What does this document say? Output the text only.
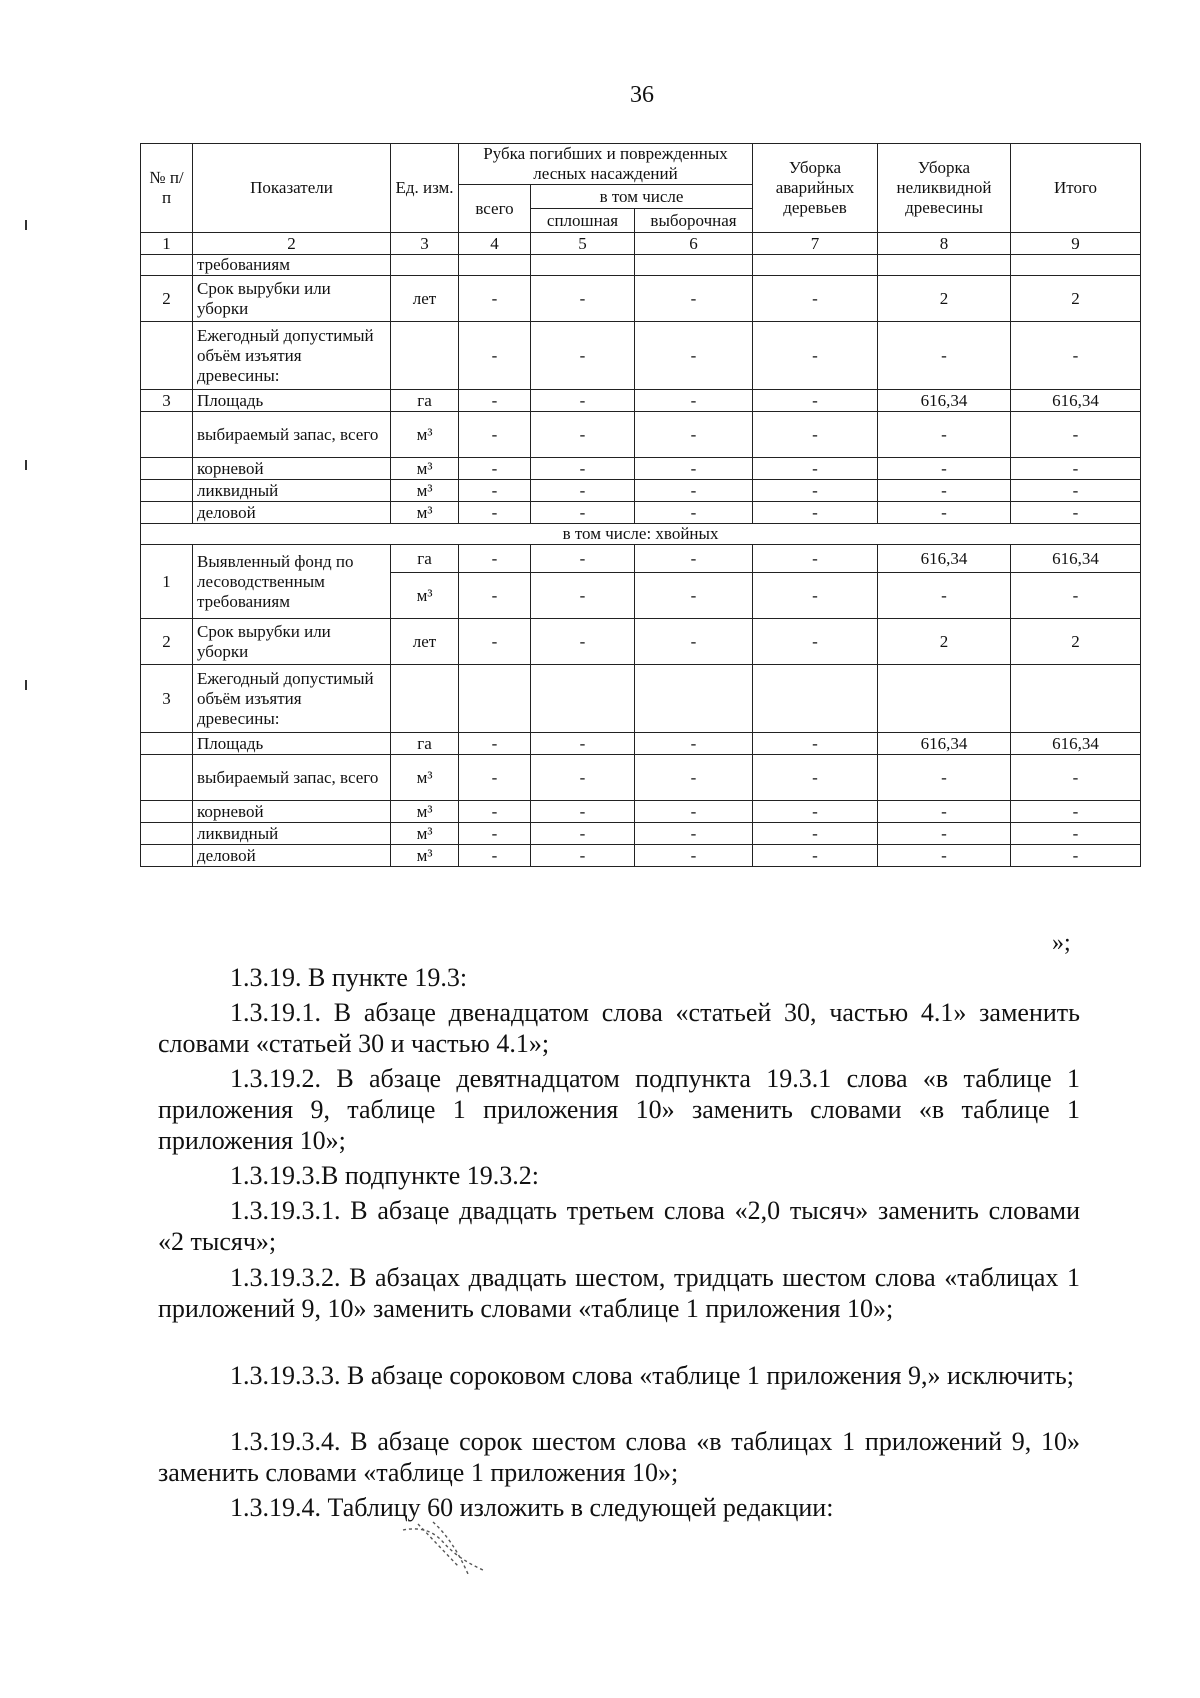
36
№ п/п	Показатели	Ед. изм.	Рубка погибших и поврежденных лесных насаждений			Уборка аварийных деревьев	Уборка неликвидной древесины	Итого
			всего	в том числе				
				сплошная	выборочная			
1	2	3	4	5	6	7	8	9
	требованиям							
2	Срок вырубки или уборки	лет	-	-	-	-	2	2
	Ежегодный допустимый объём изъятия древесины:		-	-	-	-	-	-
3	Площадь	га	-	-	-	-	616,34	616,34
	выбираемый запас, всего	м³	-	-	-	-	-	-
	корневой	м³	-	-	-	-	-	-
	ликвидный	м³	-	-	-	-	-	-
	деловой	м³	-	-	-	-	-	-
в том числе: хвойных								
1	Выявленный фонд по лесоводственным требованиям	га	-	-	-	-	616,34	616,34
		м³	-	-	-	-	-	-
2	Срок вырубки или уборки	лет	-	-	-	-	2	2
3	Ежегодный допустимый объём изъятия древесины:							
	Площадь	га	-	-	-	-	616,34	616,34
	выбираемый запас, всего	м³	-	-	-	-	-	-
	корневой	м³	-	-	-	-	-	-
	ликвидный	м³	-	-	-	-	-	-
	деловой	м³	-	-	-	-	-	-
»;

1.3.19. В пункте 19.3:

1.3.19.1. В абзаце двенадцатом слова «статьей 30, частью 4.1» заменить словами «статьей 30 и частью 4.1»;

1.3.19.2. В абзаце девятнадцатом подпункта 19.3.1 слова «в таблице 1 приложения 9, таблице 1 приложения 10» заменить словами «в таблице 1 приложения 10»;

1.3.19.3.В подпункте 19.3.2:

1.3.19.3.1. В абзаце двадцать третьем слова «2,0 тысяч» заменить словами «2 тысяч»;

1.3.19.3.2. В абзацах двадцать шестом, тридцать шестом слова «таблицах 1 приложений 9, 10» заменить словами «таблице 1 приложения 10»;

1.3.19.3.3. В абзаце сороковом слова «таблице 1 приложения 9,» исключить;

1.3.19.3.4. В абзаце сорок шестом слова «в таблицах 1 приложений 9, 10» заменить словами «таблице 1 приложения 10»;

1.3.19.4. Таблицу 60 изложить в следующей редакции:
